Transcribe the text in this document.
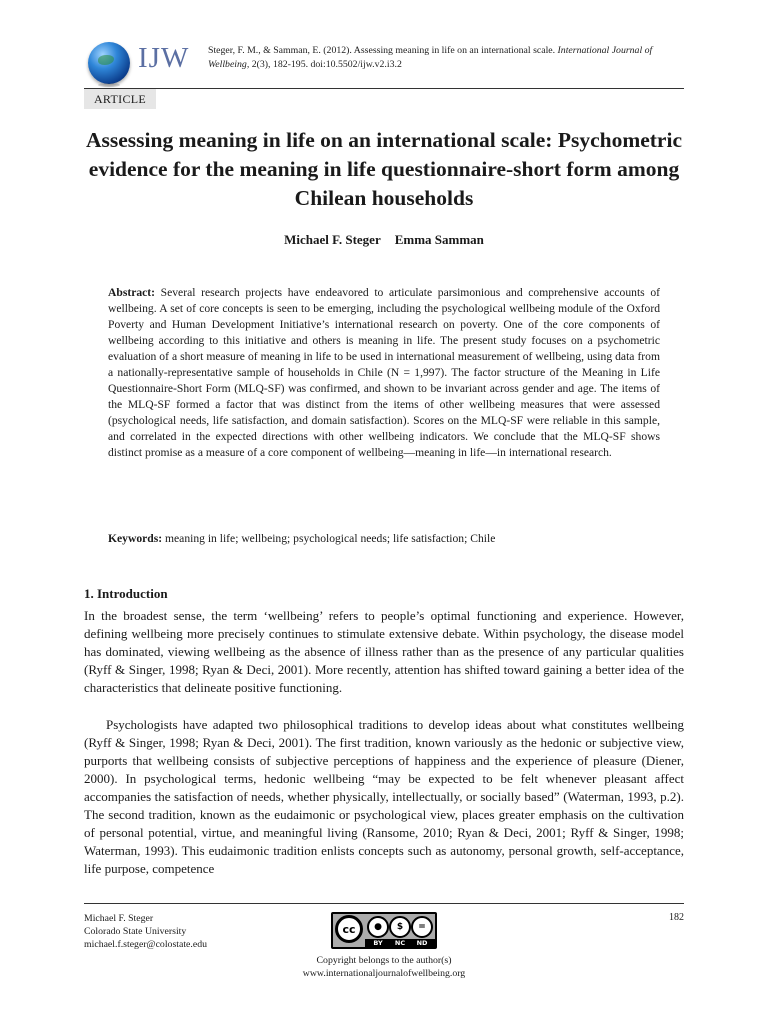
IJW Steger, F. M., & Samman, E. (2012). Assessing meaning in life on an international scale. International Journal of Wellbeing, 2(3), 182-195. doi:10.5502/ijw.v2.i3.2
ARTICLE
Assessing meaning in life on an international scale: Psychometric evidence for the meaning in life questionnaire-short form among Chilean households
Michael F. Steger Emma Samman
Abstract: Several research projects have endeavored to articulate parsimonious and comprehensive accounts of wellbeing. A set of core concepts is seen to be emerging, including the psychological wellbeing module of the Oxford Poverty and Human Development Initiative’s international research on poverty. One of the core components of wellbeing according to this initiative and others is meaning in life. The present study focuses on a psychometric evaluation of a short measure of meaning in life to be used in international measurement of wellbeing, using data from a nationally-representative sample of households in Chile (N = 1,997). The factor structure of the Meaning in Life Questionnaire-Short Form (MLQ-SF) was confirmed, and shown to be invariant across gender and age. The items of the MLQ-SF formed a factor that was distinct from the items of other wellbeing measures that were assessed (psychological needs, life satisfaction, and domain satisfaction). Scores on the MLQ-SF were reliable in this sample, and correlated in the expected directions with other wellbeing indicators. We conclude that the MLQ-SF shows distinct promise as a measure of a core component of wellbeing—meaning in life—in international research.
Keywords: meaning in life; wellbeing; psychological needs; life satisfaction; Chile
1. Introduction

In the broadest sense, the term ‘wellbeing’ refers to people’s optimal functioning and experience. However, defining wellbeing more precisely continues to stimulate extensive debate. Within psychology, the disease model has dominated, viewing wellbeing as the absence of illness rather than as the presence of any particular qualities (Ryff & Singer, 1998; Ryan & Deci, 2001). More recently, attention has shifted toward gaining a better idea of the characteristics that delineate positive functioning.

Psychologists have adapted two philosophical traditions to develop ideas about what constitutes wellbeing (Ryff & Singer, 1998; Ryan & Deci, 2001). The first tradition, known variously as the hedonic or subjective view, purports that wellbeing consists of subjective perceptions of happiness and the experience of pleasure (Diener, 2000). In psychological terms, hedonic wellbeing “may be expected to be felt whenever pleasant affect accompanies the satisfaction of needs, whether physically, intellectually, or socially based” (Waterman, 1993, p.2). The second tradition, known as the eudaimonic or psychological view, places greater emphasis on the cultivation of personal potential, virtue, and meaningful living (Ransome, 2010; Ryan & Deci, 2001; Ryff & Singer, 1998; Waterman, 1993). This eudaimonic tradition enlists concepts such as autonomy, personal growth, self-acceptance, life purpose, competence

Michael F. Steger
Colorado State University
michael.f.steger@colostate.edu
cc	●	$	=
BY	NC	ND
182
Copyright belongs to the author(s)
www.internationaljournalofwellbeing.org
